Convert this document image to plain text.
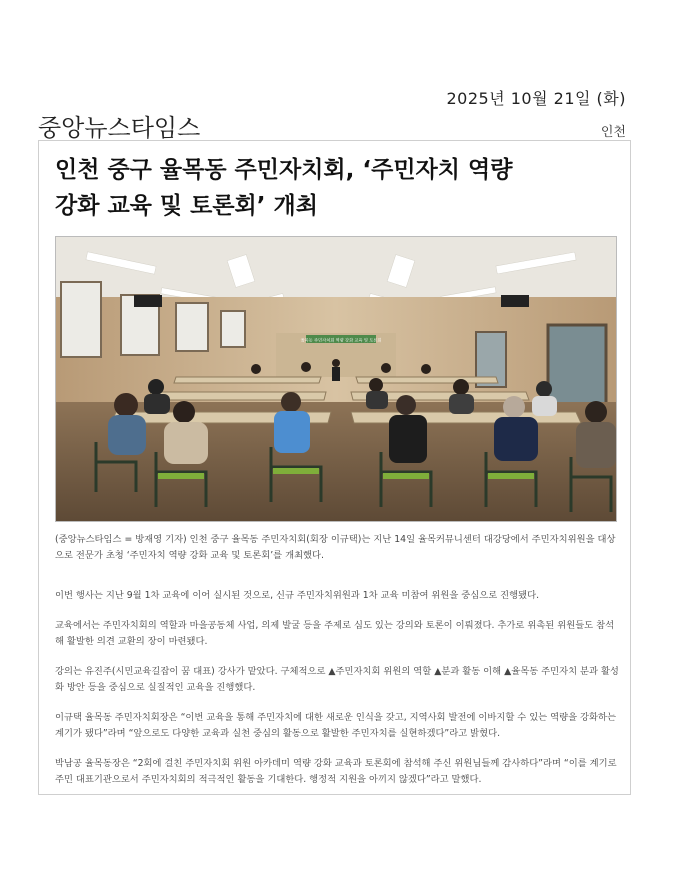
2025년 10월 21일 (화)
중앙뉴스타임스	인천
인천 중구 율목동 주민자치회, ‘주민자치 역량
강화 교육 및 토론회’ 개최
율목동 주민자치회 역량 강화 교육 및 토론회

(중앙뉴스타임스 = 방재영 기자) 인천 중구 율목동 주민자치회(회장 이규택)는 지난 14일 율목커뮤니센터 대강당에서 주민자치위원을 대상으로 전문가 초청 ‘주민자치 역량 강화 교육 및 토론회’를 개최했다.

이번 행사는 지난 9월 1차 교육에 이어 실시된 것으로, 신규 주민자치위원과 1차 교육 미참여 위원을 중심으로 진행됐다.

교육에서는 주민자치회의 역할과 마을공동체 사업, 의제 발굴 등을 주제로 심도 있는 강의와 토론이 이뤄졌다. 추가로 위촉된 위원들도 참석해 활발한 의견 교환의 장이 마련됐다.

강의는 유진주(시민교육길잡이 꿈 대표) 강사가 맡았다. 구체적으로 ▲주민자치회 위원의 역할 ▲분과 활동 이해 ▲율목동 주민자치 분과 활성화 방안 등을 중심으로 실질적인 교육을 진행했다.

이규택 율목동 주민자치회장은 “이번 교육을 통해 주민자치에 대한 새로운 인식을 갖고, 지역사회 발전에 이바지할 수 있는 역량을 강화하는 계기가 됐다”라며 “앞으로도 다양한 교육과 실천 중심의 활동으로 활발한 주민자치를 실현하겠다”라고 밝혔다.

박남공 율목동장은 “2회에 걸친 주민자치회 위원 아카데미 역량 강화 교육과 토론회에 참석해 주신 위원님들께 감사하다”라며 “이를 계기로 주민 대표기관으로서 주민자치회의 적극적인 활동을 기대한다. 행정적 지원을 아끼지 않겠다”라고 말했다.
